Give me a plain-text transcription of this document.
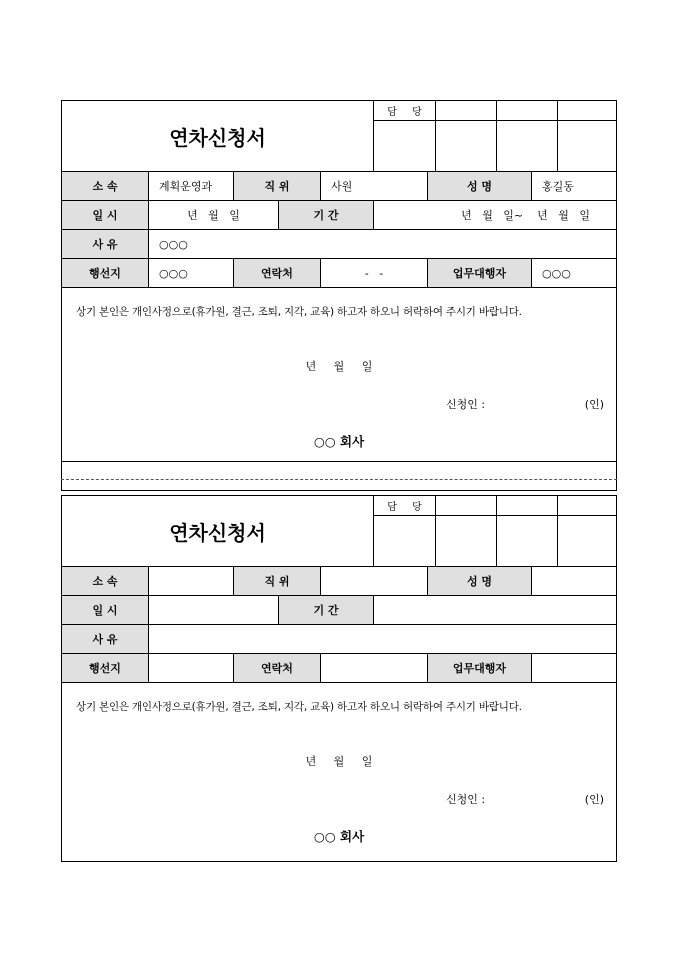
연차신청서
담 당
소 속	계획운영과	직 위	사원	성 명	홍길동
일 시	년   월   일	기 간	년   월   일~    년   월   일
사 유	○○○
행선지	○○○	연락처	-   -	업무대행자	○○○
상기 본인은 개인사정으로(휴가원, 결근, 조퇴, 지각, 교육) 하고자 하오니 허락하여 주시기 바랍니다.
년 월 일
신청인 :	(인)
○○ 회사
연차신청서
담 당
소 속	직 위	성 명
일 시	기 간
사 유
행선지	연락처	업무대행자
상기 본인은 개인사정으로(휴가원, 결근, 조퇴, 지각, 교육) 하고자 하오니 허락하여 주시기 바랍니다.
년 월 일
신청인 :	(인)
○○ 회사
